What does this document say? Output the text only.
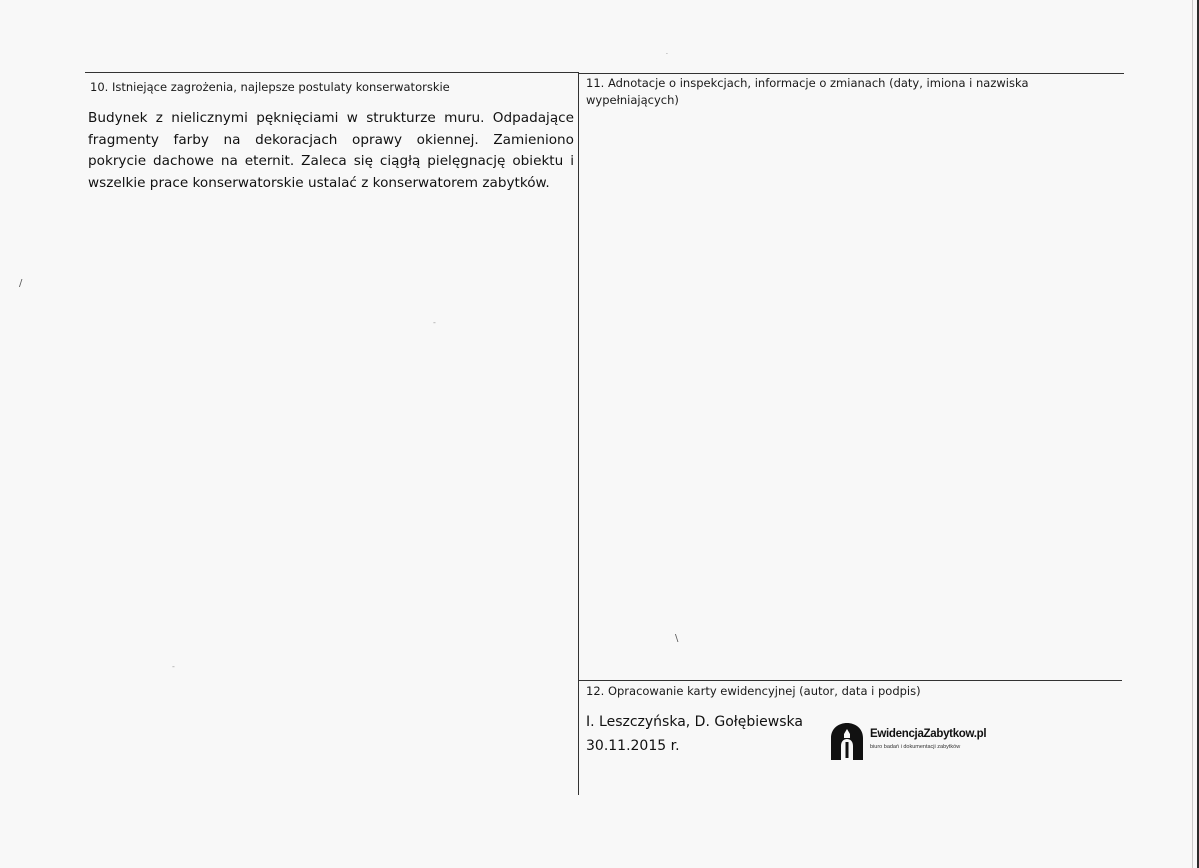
10. Istniejące zagrożenia, najlepsze postulaty konserwatorskie

Budynek z nielicznymi pęknięciami w strukturze muru. Odpadające fragmenty farby na dekoracjach oprawy okiennej. Zamieniono pokrycie dachowe na eternit. Zaleca się ciągłą pielęgnację obiektu i wszelkie prace konserwatorskie ustalać z konserwatorem zabytków.

11. Adnotacje o inspekcjach, informacje o zmianach (daty, imiona i nazwiska wypełniających)
12. Opracowanie karty ewidencyjnej (autor, data i podpis)
I. Leszczyńska, D. Gołębiewska
30.11.2015 r.
EwidencjaZabytkow.pl
biuro badań i dokumentacji zabytków
/
\
·
-
-
